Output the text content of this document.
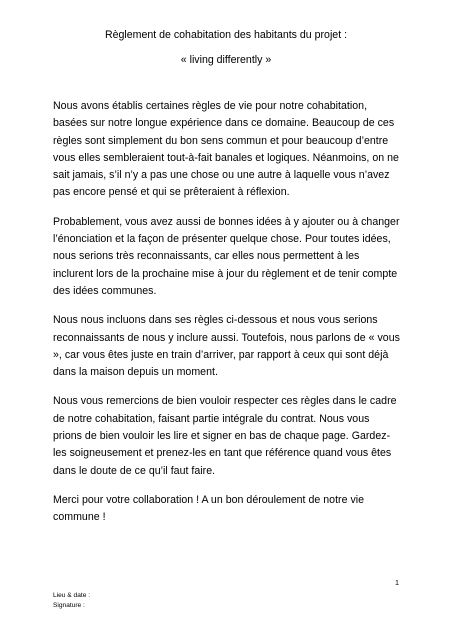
Règlement de cohabitation des habitants du projet :

« living differently »

Nous avons établis certaines règles de vie pour notre cohabitation, basées sur notre longue expérience dans ce domaine. Beaucoup de ces règles sont simplement du bon sens commun et pour beaucoup d’entre vous elles sembleraient tout-à-fait banales et logiques. Néanmoins, on ne sait jamais, s’il n’y a pas une chose ou une autre à laquelle vous n’avez pas encore pensé et qui se prêteraient à réflexion.

Probablement, vous avez aussi de bonnes idées à y ajouter ou à changer l’énonciation et la façon de présenter quelque chose. Pour toutes idées, nous serions très reconnaissants, car elles nous permettent à les inclurent lors de la prochaine mise à jour du règlement et de tenir compte des idées communes.

Nous nous incluons dans ses règles ci-dessous et nous vous serions reconnaissants de nous y inclure aussi. Toutefois, nous parlons de « vous », car vous êtes juste en train d’arriver, par rapport à ceux qui sont déjà dans la maison depuis un moment.

Nous vous remercions de bien vouloir respecter ces règles dans le cadre de notre cohabitation, faisant partie intégrale du contrat. Nous vous prions de bien vouloir les lire et signer en bas de chaque page. Gardez-les soigneusement et prenez-les en tant que référence quand vous êtes dans le doute de ce qu’il faut faire.

Merci pour votre collaboration ! A un bon déroulement de notre vie commune !

1
Lieu & date :
Signature :
